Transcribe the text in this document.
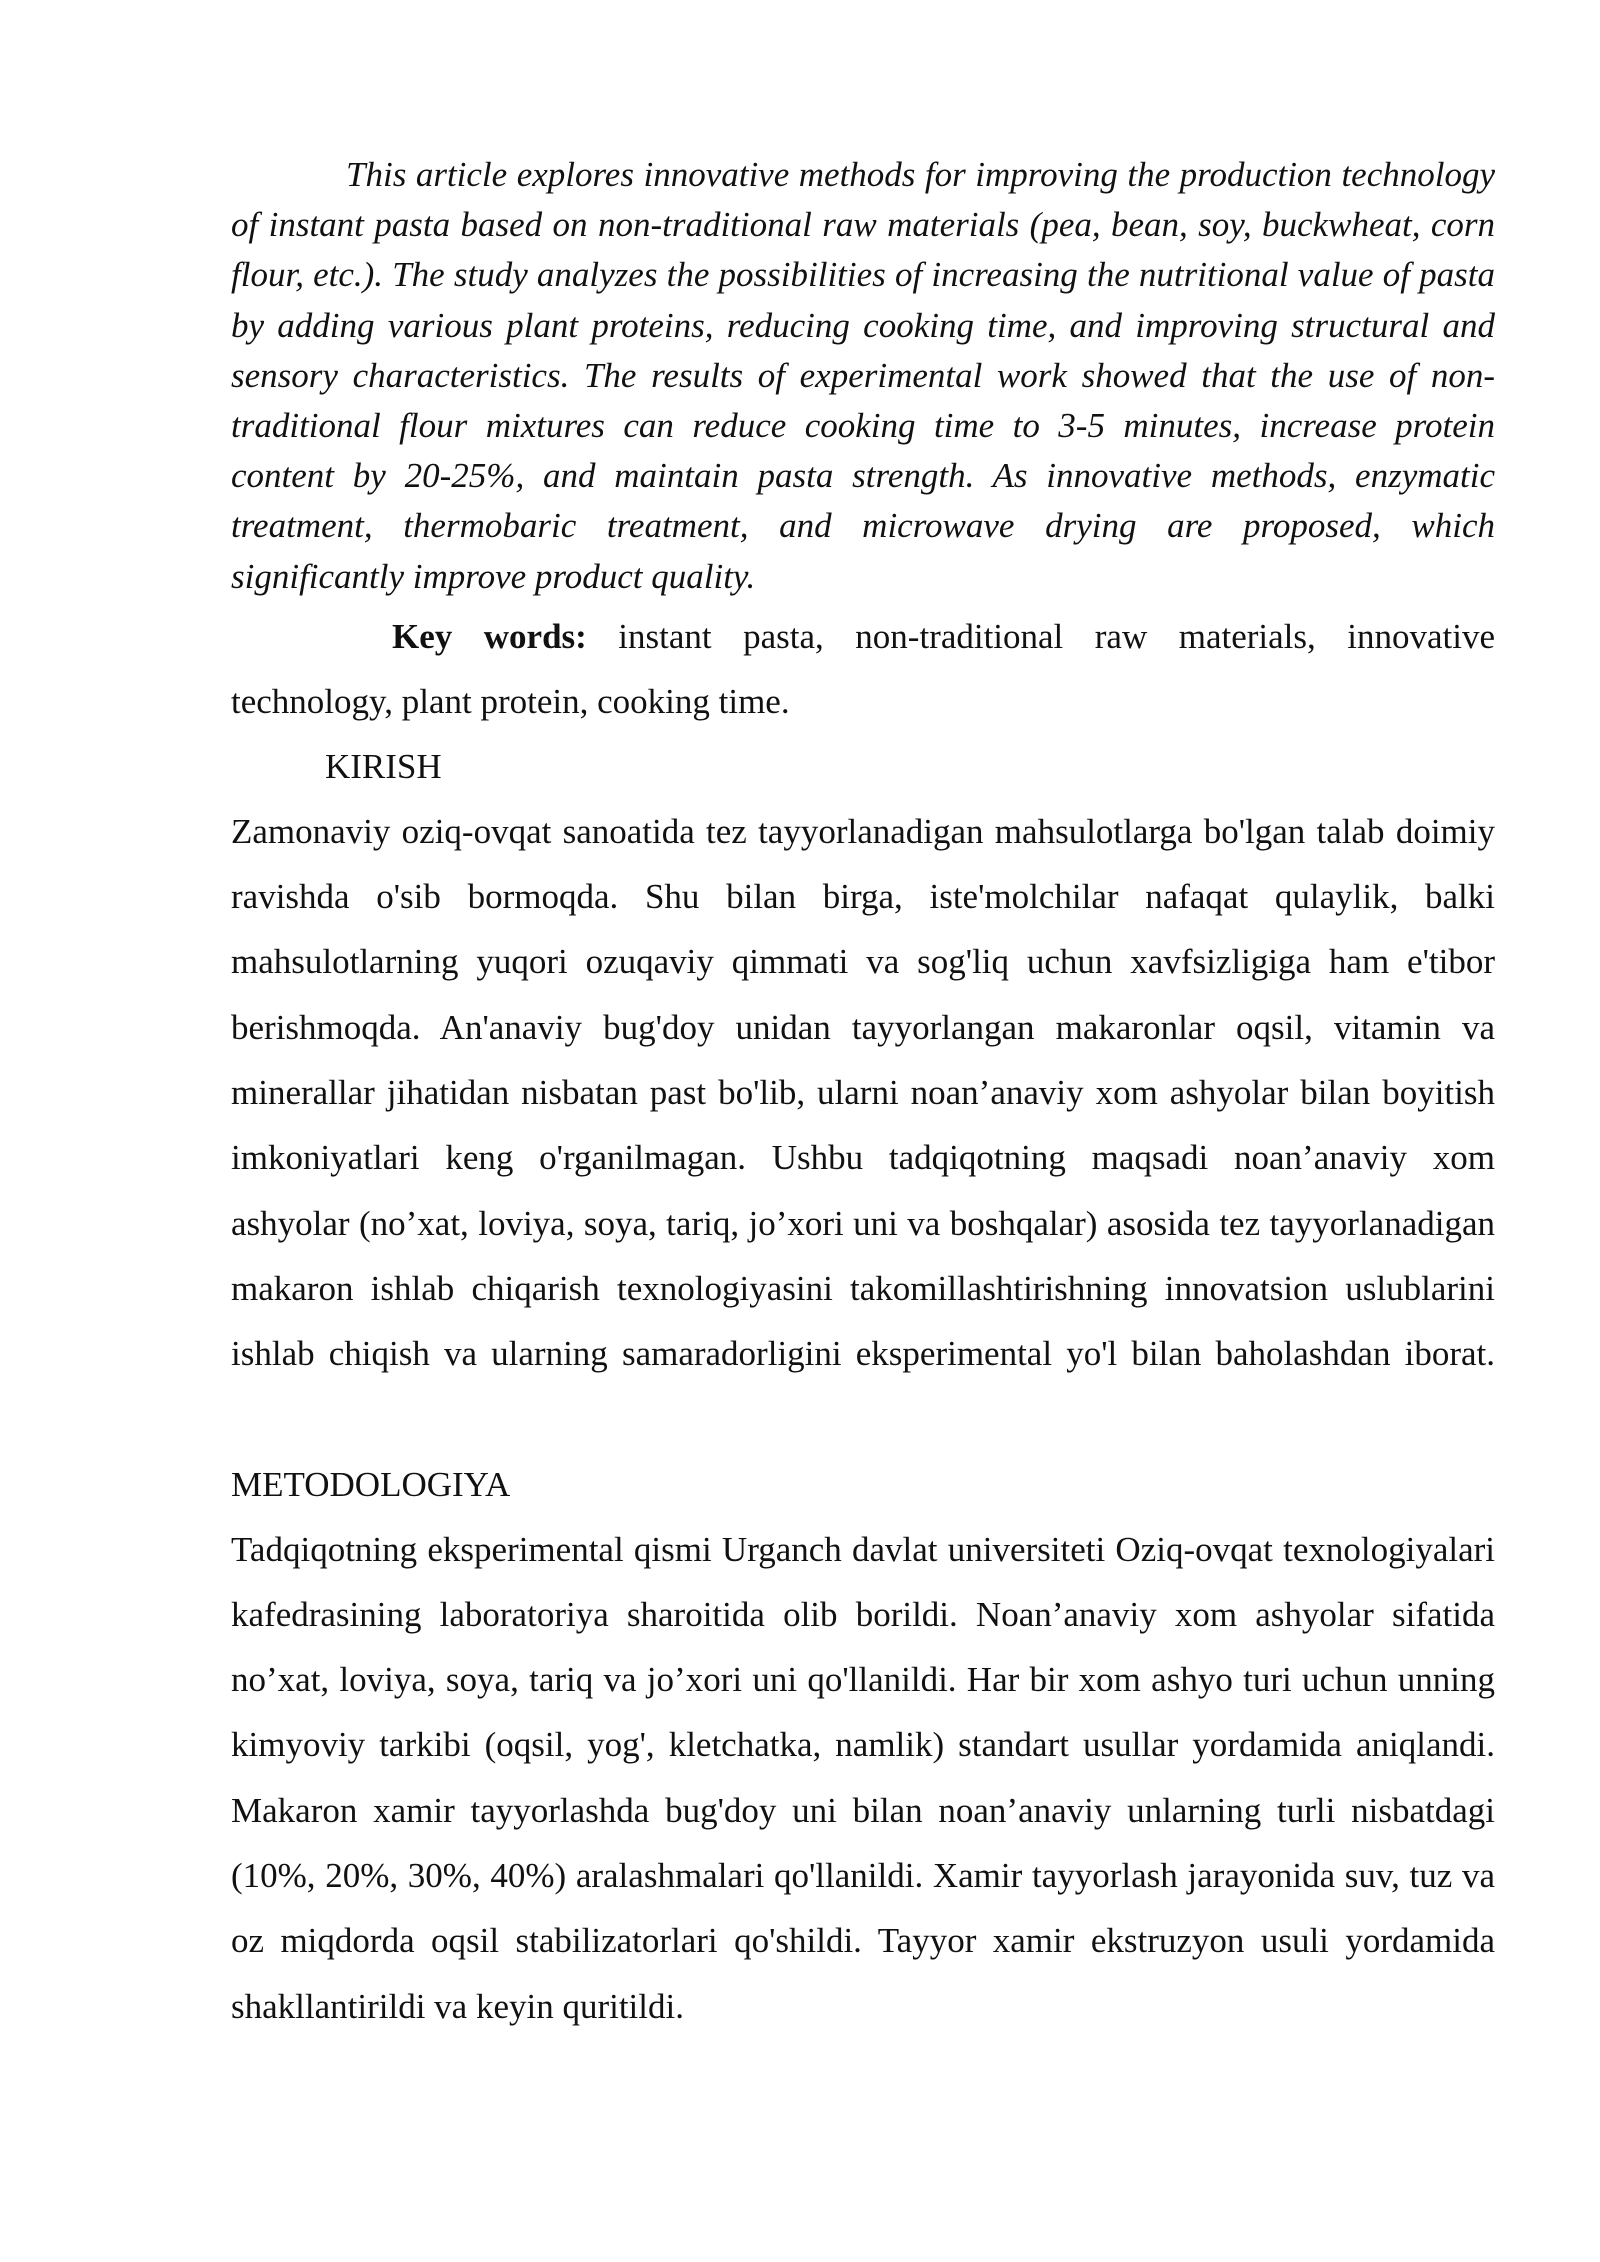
This article explores innovative methods for improving the production technology of instant pasta based on non-traditional raw materials (pea, bean, soy, buckwheat, corn flour, etc.). The study analyzes the possibilities of increasing the nutritional value of pasta by adding various plant proteins, reducing cooking time, and improving structural and sensory characteristics. The results of experimental work showed that the use of non-traditional flour mixtures can reduce cooking time to 3-5 minutes, increase protein content by 20-25%, and maintain pasta strength. As innovative methods, enzymatic treatment, thermobaric treatment, and microwave drying are proposed, which significantly improve product quality.

Key words: instant pasta, non-traditional raw materials, innovative technology, plant protein, cooking time.

KIRISH

Zamonaviy oziq-ovqat sanoatida tez tayyorlanadigan mahsulotlarga bo'lgan talab doimiy ravishda o'sib bormoqda. Shu bilan birga, iste'molchilar nafaqat qulaylik, balki mahsulotlarning yuqori ozuqaviy qimmati va sog'liq uchun xavfsizligiga ham e'tibor berishmoqda. An'anaviy bug'doy unidan tayyorlangan makaronlar oqsil, vitamin va minerallar jihatidan nisbatan past bo'lib, ularni noan’anaviy xom ashyolar bilan boyitish imkoniyatlari keng o'rganilmagan. Ushbu tadqiqotning maqsadi noan’anaviy xom ashyolar (no’xat, loviya, soya, tariq, jo’xori uni va boshqalar) asosida tez tayyorlanadigan makaron ishlab chiqarish texnologiyasini takomillashtirishning innovatsion uslublarini ishlab chiqish va ularning samaradorligini eksperimental yo'l bilan baholashdan iborat.

METODOLOGIYA

Tadqiqotning eksperimental qismi Urganch davlat universiteti Oziq-ovqat texnologiyalari kafedrasining laboratoriya sharoitida olib borildi. Noan’anaviy xom ashyolar sifatida no’xat, loviya, soya, tariq va jo’xori uni qo'llanildi. Har bir xom ashyo turi uchun unning kimyoviy tarkibi (oqsil, yog', kletchatka, namlik) standart usullar yordamida aniqlandi. Makaron xamir tayyorlashda bug'doy uni bilan noan’anaviy unlarning turli nisbatdagi (10%, 20%, 30%, 40%) aralashmalari qo'llanildi. Xamir tayyorlash jarayonida suv, tuz va oz miqdorda oqsil stabilizatorlari qo'shildi. Tayyor xamir ekstruzyon usuli yordamida shakllantirildi va keyin quritildi.
